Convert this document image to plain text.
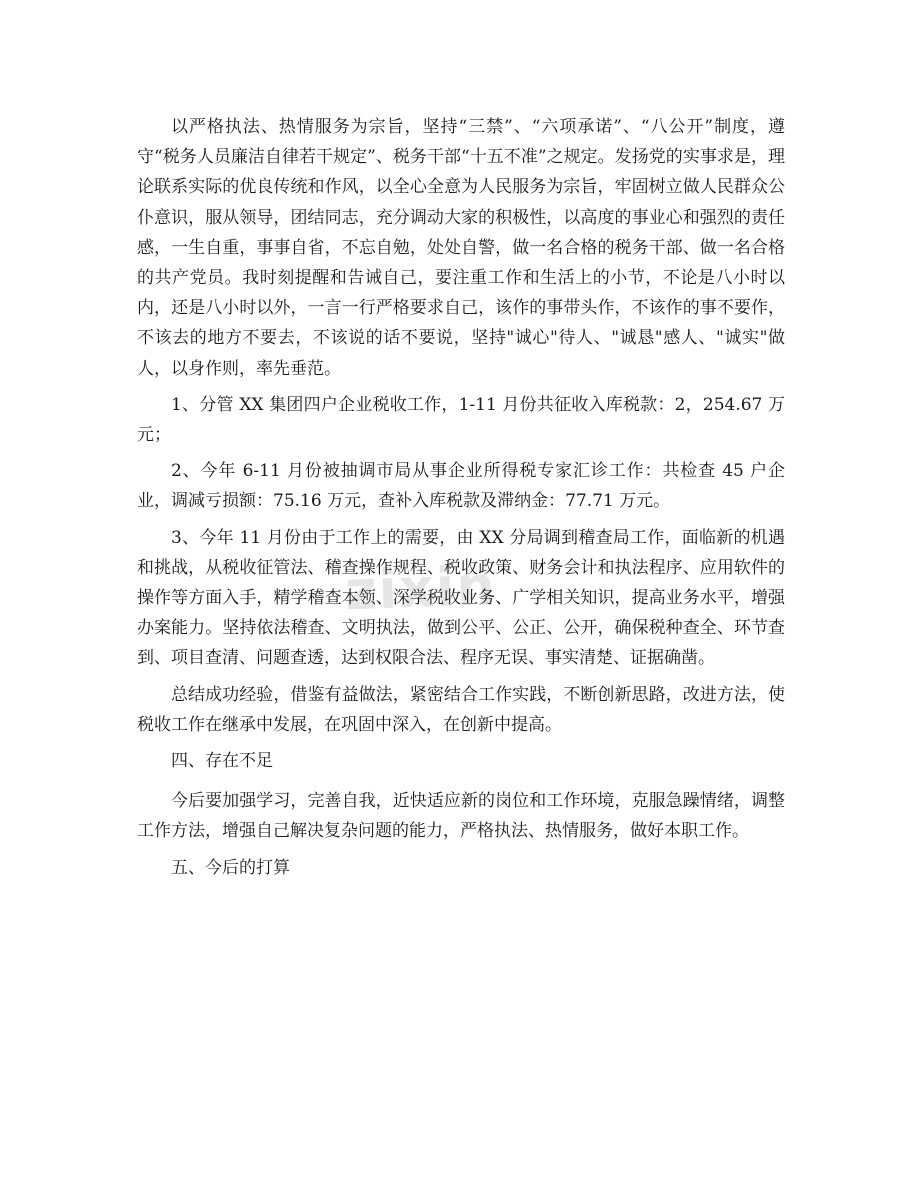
zixin

以严格执法、热情服务为宗旨，坚持“三禁”、“六项承诺”、“八公开”制度，遵守“税务人员廉洁自律若干规定”、税务干部“十五不准”之规定。发扬党的实事求是，理论联系实际的优良传统和作风，以全心全意为人民服务为宗旨，牢固树立做人民群众公仆意识，服从领导，团结同志，充分调动大家的积极性，以高度的事业心和强烈的责任感，一生自重，事事自省，不忘自勉，处处自警，做一名合格的税务干部、做一名合格的共产党员。我时刻提醒和告诫自己，要注重工作和生活上的小节，不论是八小时以内，还是八小时以外，一言一行严格要求自己，该作的事带头作，不该作的事不要作，不该去的地方不要去，不该说的话不要说，坚持"诚心"待人、"诚恳"感人、"诚实"做人，以身作则，率先垂范。

1、分管 XX 集团四户企业税收工作，1-11 月份共征收入库税款：2，254.67 万元；

2、今年 6-11 月份被抽调市局从事企业所得税专家汇诊工作：共检查 45 户企业，调减亏损额：75.16 万元，查补入库税款及滞纳金：77.71 万元。

3、今年 11 月份由于工作上的需要，由 XX 分局调到稽查局工作，面临新的机遇和挑战，从税收征管法、稽查操作规程、税收政策、财务会计和执法程序、应用软件的操作等方面入手，精学稽查本领、深学税收业务、广学相关知识，提高业务水平，增强办案能力。坚持依法稽查、文明执法，做到公平、公正、公开，确保税种查全、环节查到、项目查清、问题查透，达到权限合法、程序无误、事实清楚、证据确凿。

总结成功经验，借鉴有益做法，紧密结合工作实践，不断创新思路，改进方法，使税收工作在继承中发展，在巩固中深入，在创新中提高。

四、存在不足

今后要加强学习，完善自我，近快适应新的岗位和工作环境，克服急躁情绪，调整工作方法，增强自己解决复杂问题的能力，严格执法、热情服务，做好本职工作。

五、今后的打算
